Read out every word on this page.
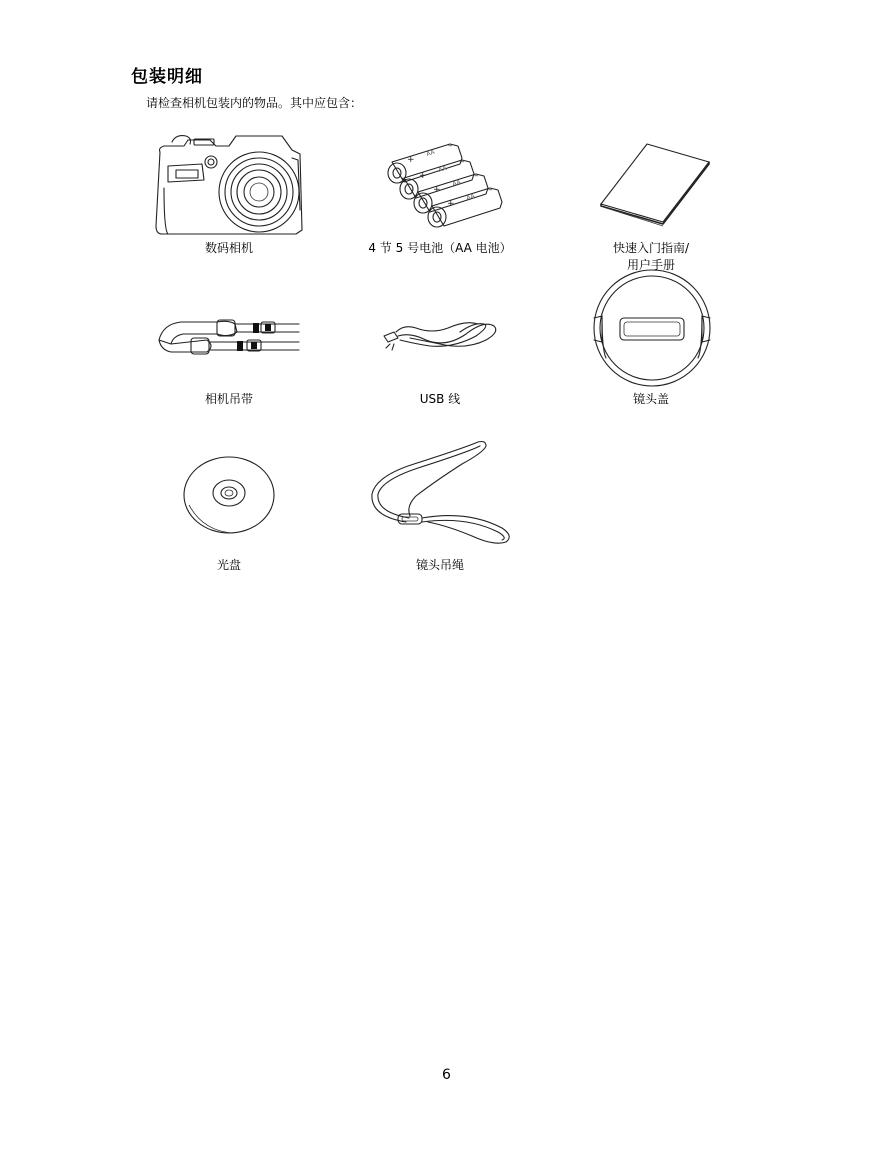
包装明细
请检查相机包装内的物品。其中应包含：
数码相机
+
+
+
+
–
–
–
–
AA
AA
AA
AA
4 节 5 号电池（AA 电池）	快速入门指南/
用户手册
相机吊带	USB 线	镜头盖
光盘	镜头吊绳
6
